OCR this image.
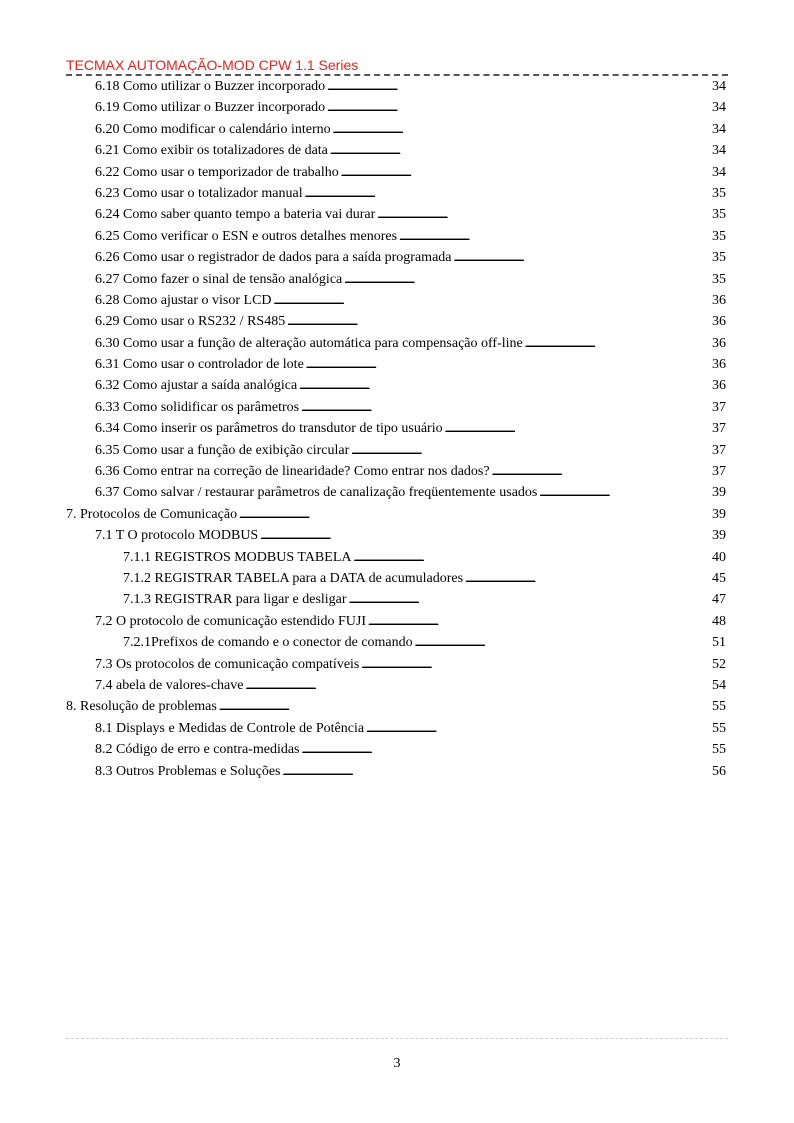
TECMAX AUTOMAÇÃO-MOD CPW 1.1 Series
6.18 Como utilizar o Buzzer incorporado . . .	34
6.19 Como utilizar o Buzzer incorporado . . .	34
6.20 Como modificar o calendário interno . . .	34
6.21 Como exibir os totalizadores de data . . .	34
6.22 Como usar o temporizador de trabalho . . .	34
6.23 Como usar o totalizador manual . . .	35
6.24 Como saber quanto tempo a bateria vai durar . . .	35
6.25 Como verificar o ESN e outros detalhes menores . . .	35
6.26 Como usar o registrador de dados para a saída programada . . .	35
6.27 Como fazer o sinal de tensão analógica . . .	35
6.28 Como ajustar o visor LCD . . .	36
6.29 Como usar o RS232 / RS485 . . .	36
6.30 Como usar a função de alteração automática para compensação off-line . . .	36
6.31 Como usar o controlador de lote . . .	36
6.32 Como ajustar a saída analógica . . .	36
6.33 Como solidificar os parâmetros . . .	37
6.34 Como inserir os parâmetros do transdutor de tipo usuário . . .	37
6.35 Como usar a função de exibição circular . . .	37
6.36 Como entrar na correção de linearidade? Como entrar nos dados? . . .	37
6.37 Como salvar / restaurar parâmetros de canalização freqüentemente usados . . .	39
7. Protocolos de Comunicação . . .	39
7.1 T O protocolo MODBUS . . .	39
7.1.1 REGISTROS MODBUS TABELA . . .	40
7.1.2 REGISTRAR TABELA para a DATA de acumuladores . . .	45
7.1.3 REGISTRAR para ligar e desligar . . .	47
7.2 O protocolo de comunicação estendido FUJI . . .	48
7.2.1Prefixos de comando e o conector de comando . . .	51
7.3 Os protocolos de comunicação compatíveis . . .	52
7.4 abela de valores-chave . . .	54
8. Resolução de problemas . . .	55
8.1 Displays e Medidas de Controle de Potência . . .	55
8.2 Código de erro e contra-medidas . . .	55
8.3 Outros Problemas e Soluções . . .	56
3
